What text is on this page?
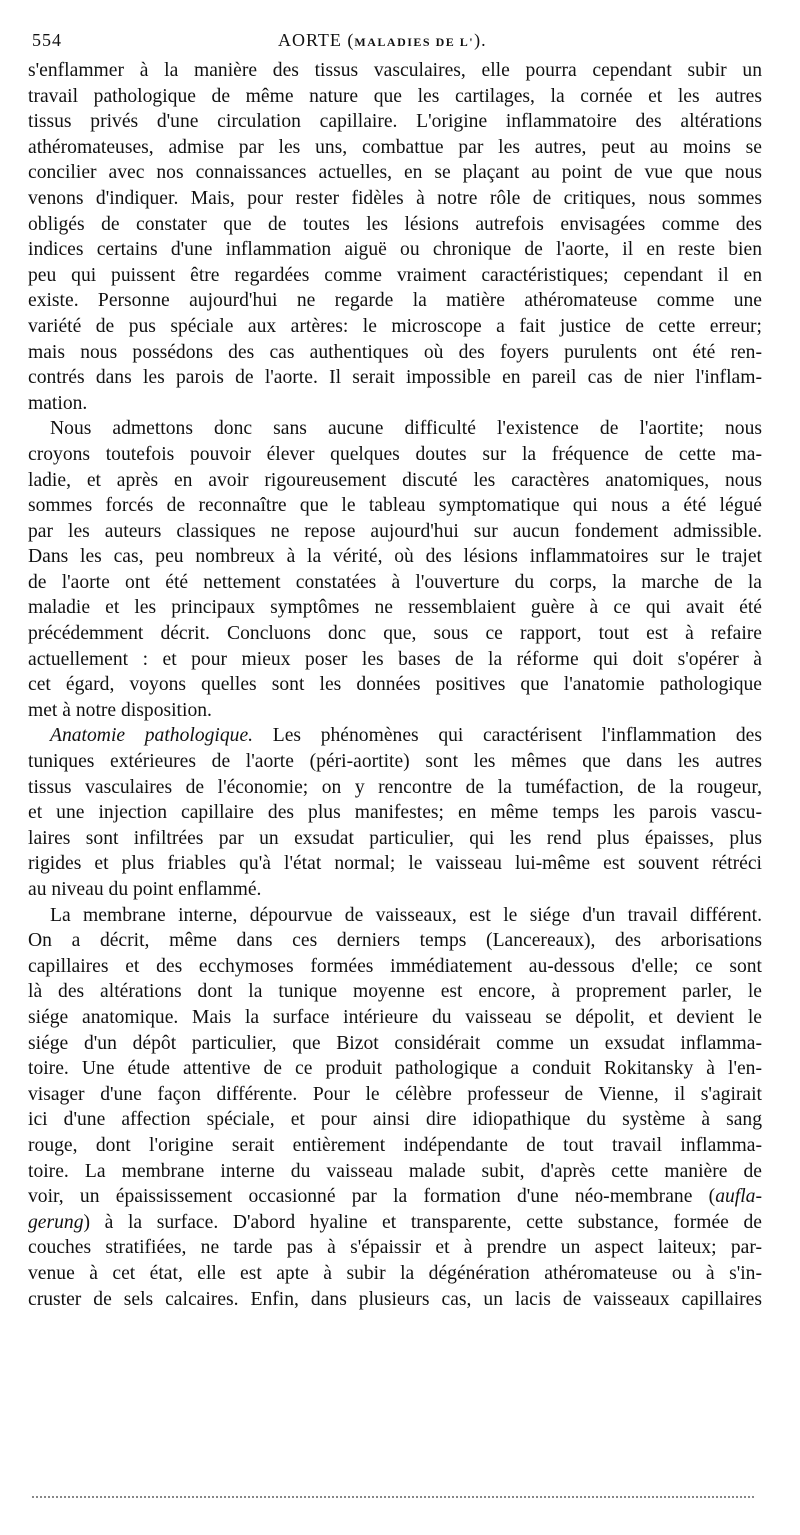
554	AORTE (MALADIES DE L').
s'enflammer à la manière des tissus vasculaires, elle pourra cependant subir un
travail pathologique de même nature que les cartilages, la cornée et les autres
tissus privés d'une circulation capillaire. L'origine inflammatoire des altérations
athéromateuses, admise par les uns, combattue par les autres, peut au moins se
concilier avec nos connaissances actuelles, en se plaçant au point de vue que nous
venons d'indiquer. Mais, pour rester fidèles à notre rôle de critiques, nous sommes
obligés de constater que de toutes les lésions autrefois envisagées comme des
indices certains d'une inflammation aiguë ou chronique de l'aorte, il en reste bien
peu qui puissent être regardées comme vraiment caractéristiques; cependant il en
existe. Personne aujourd'hui ne regarde la matière athéromateuse comme une
variété de pus spéciale aux artères: le microscope a fait justice de cette erreur;
mais nous possédons des cas authentiques où des foyers purulents ont été ren-
contrés dans les parois de l'aorte. Il serait impossible en pareil cas de nier l'inflam-
mation.
Nous admettons donc sans aucune difficulté l'existence de l'aortite; nous
croyons toutefois pouvoir élever quelques doutes sur la fréquence de cette ma-
ladie, et après en avoir rigoureusement discuté les caractères anatomiques, nous
sommes forcés de reconnaître que le tableau symptomatique qui nous a été légué
par les auteurs classiques ne repose aujourd'hui sur aucun fondement admissible.
Dans les cas, peu nombreux à la vérité, où des lésions inflammatoires sur le trajet
de l'aorte ont été nettement constatées à l'ouverture du corps, la marche de la
maladie et les principaux symptômes ne ressemblaient guère à ce qui avait été
précédemment décrit. Concluons donc que, sous ce rapport, tout est à refaire
actuellement : et pour mieux poser les bases de la réforme qui doit s'opérer à
cet égard, voyons quelles sont les données positives que l'anatomie pathologique
met à notre disposition.
Anatomie pathologique. Les phénomènes qui caractérisent l'inflammation des
tuniques extérieures de l'aorte (péri-aortite) sont les mêmes que dans les autres
tissus vasculaires de l'économie; on y rencontre de la tuméfaction, de la rougeur,
et une injection capillaire des plus manifestes; en même temps les parois vascu-
laires sont infiltrées par un exsudat particulier, qui les rend plus épaisses, plus
rigides et plus friables qu'à l'état normal; le vaisseau lui-même est souvent rétréci
au niveau du point enflammé.
La membrane interne, dépourvue de vaisseaux, est le siége d'un travail différent.
On a décrit, même dans ces derniers temps (Lancereaux), des arborisations
capillaires et des ecchymoses formées immédiatement au-dessous d'elle; ce sont
là des altérations dont la tunique moyenne est encore, à proprement parler, le
siége anatomique. Mais la surface intérieure du vaisseau se dépolit, et devient le
siége d'un dépôt particulier, que Bizot considérait comme un exsudat inflamma-
toire. Une étude attentive de ce produit pathologique a conduit Rokitansky à l'en-
visager d'une façon différente. Pour le célèbre professeur de Vienne, il s'agirait
ici d'une affection spéciale, et pour ainsi dire idiopathique du système à sang
rouge, dont l'origine serait entièrement indépendante de tout travail inflamma-
toire. La membrane interne du vaisseau malade subit, d'après cette manière de
voir, un épaississement occasionné par la formation d'une néo-membrane (aufla-
gerung) à la surface. D'abord hyaline et transparente, cette substance, formée de
couches stratifiées, ne tarde pas à s'épaissir et à prendre un aspect laiteux; par-
venue à cet état, elle est apte à subir la dégénération athéromateuse ou à s'in-
cruster de sels calcaires. Enfin, dans plusieurs cas, un lacis de vaisseaux capillaires
